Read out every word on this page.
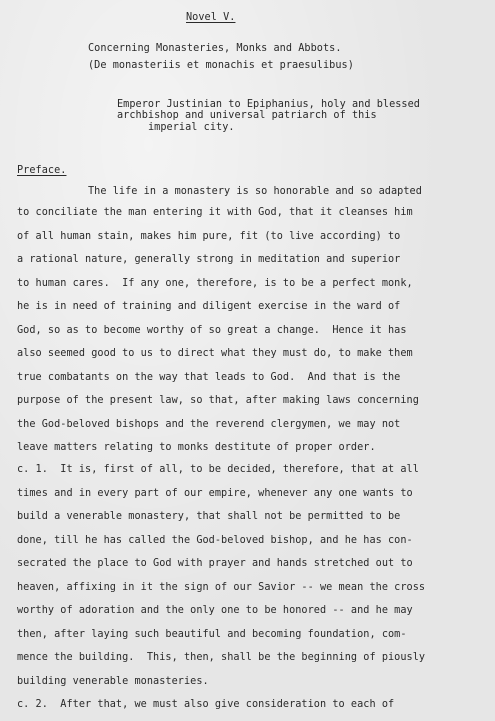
Novel V.
Concerning Monasteries, Monks and Abbots.
(De monasteriis et monachis et praesulibus)
Emperor Justinian to Epiphanius, holy and blessed
archbishop and universal patriarch of this
imperial city.
Preface.
The life in a monastery is so honorable and so adapted
to conciliate the man entering it with God, that it cleanses him
of all human stain, makes him pure, fit (to live according) to
a rational nature, generally strong in meditation and superior
to human cares.  If any one, therefore, is to be a perfect monk,
he is in need of training and diligent exercise in the ward of
God, so as to become worthy of so great a change.  Hence it has
also seemed good to us to direct what they must do, to make them
true combatants on the way that leads to God.  And that is the
purpose of the present law, so that, after making laws concerning
the God-beloved bishops and the reverend clergymen, we may not
leave matters relating to monks destitute of proper order.
c. 1.  It is, first of all, to be decided, therefore, that at all
times and in every part of our empire, whenever any one wants to
build a venerable monastery, that shall not be permitted to be
done, till he has called the God-beloved bishop, and he has con-
secrated the place to God with prayer and hands stretched out to
heaven, affixing in it the sign of our Savior -- we mean the cross
worthy of adoration and the only one to be honored -- and he may
then, after laying such beautiful and becoming foundation, com-
mence the building.  This, then, shall be the beginning of piously
building venerable monasteries.
c. 2.  After that, we must also give consideration to each of
